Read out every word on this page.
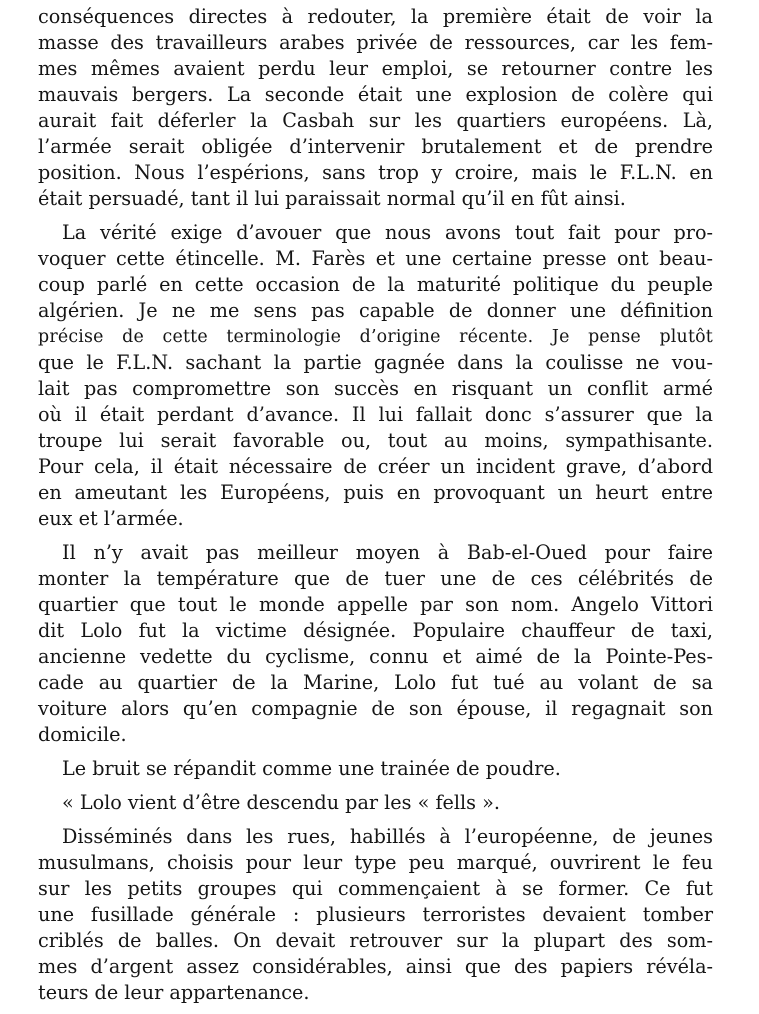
conséquences directes à redouter, la première était de voir la
masse des travailleurs arabes privée de ressources, car les fem-
mes mêmes avaient perdu leur emploi, se retourner contre les
mauvais bergers. La seconde était une explosion de colère qui
aurait fait déferler la Casbah sur les quartiers européens. Là,
l’armée serait obligée d’intervenir brutalement et de prendre
position. Nous l’espérions, sans trop y croire, mais le F.L.N. en
était persuadé, tant il lui paraissait normal qu’il en fût ainsi.
La vérité exige d’avouer que nous avons tout fait pour pro-
voquer cette étincelle. M. Farès et une certaine presse ont beau-
coup parlé en cette occasion de la maturité politique du peuple
algérien. Je ne me sens pas capable de donner une définition
précise de cette terminologie d’origine récente. Je pense plutôt
que le F.L.N. sachant la partie gagnée dans la coulisse ne vou-
lait pas compromettre son succès en risquant un conflit armé
où il était perdant d’avance. Il lui fallait donc s’assurer que la
troupe lui serait favorable ou, tout au moins, sympathisante.
Pour cela, il était nécessaire de créer un incident grave, d’abord
en ameutant les Européens, puis en provoquant un heurt entre
eux et l’armée.
Il n’y avait pas meilleur moyen à Bab-el-Oued pour faire
monter la température que de tuer une de ces célébrités de
quartier que tout le monde appelle par son nom. Angelo Vittori
dit Lolo fut la victime désignée. Populaire chauffeur de taxi,
ancienne vedette du cyclisme, connu et aimé de la Pointe-Pes-
cade au quartier de la Marine, Lolo fut tué au volant de sa
voiture alors qu’en compagnie de son épouse, il regagnait son
domicile.
Le bruit se répandit comme une trainée de poudre.
« Lolo vient d’être descendu par les « fells ».
Disséminés dans les rues, habillés à l’européenne, de jeunes
musulmans, choisis pour leur type peu marqué, ouvrirent le feu
sur les petits groupes qui commençaient à se former. Ce fut
une fusillade générale : plusieurs terroristes devaient tomber
criblés de balles. On devait retrouver sur la plupart des som-
mes d’argent assez considérables, ainsi que des papiers révéla-
teurs de leur appartenance.
